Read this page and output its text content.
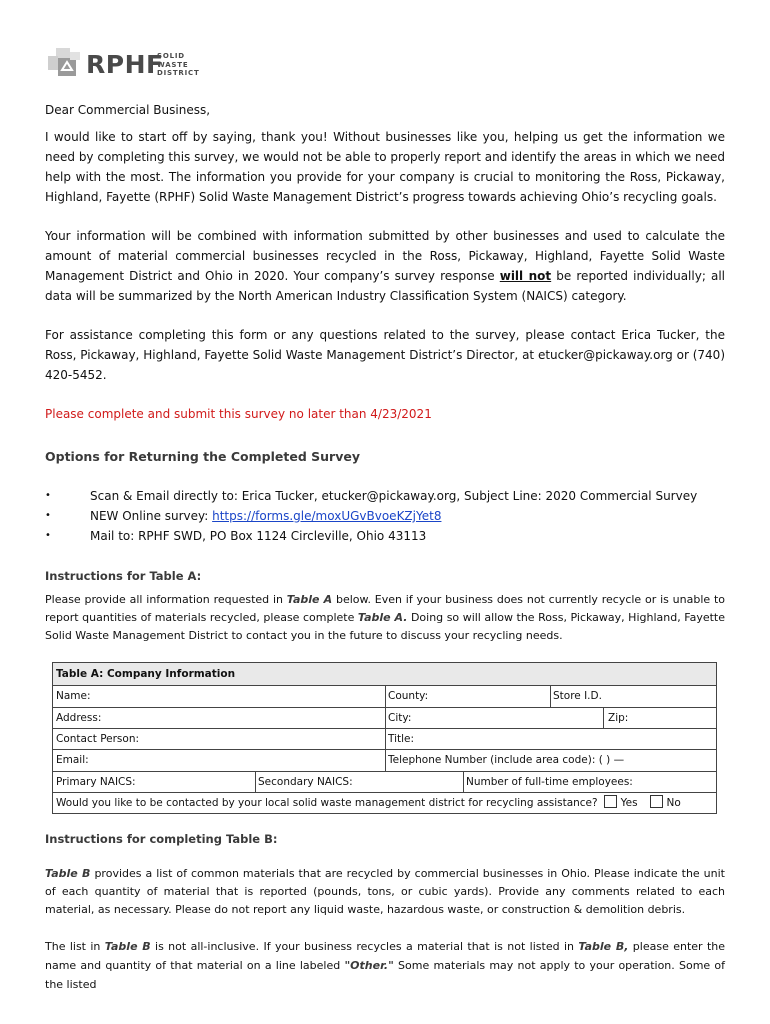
RPHF
SOLID
WASTE
DISTRICT
Dear Commercial Business,
I would like to start off by saying, thank you! Without businesses like you, helping us get the information we need by completing this survey, we would not be able to properly report and identify the areas in which we need help with the most. The information you provide for your company is crucial to monitoring the Ross, Pickaway, Highland, Fayette (RPHF) Solid Waste Management District’s progress towards achieving Ohio’s recycling goals.
Your information will be combined with information submitted by other businesses and used to calculate the amount of material commercial businesses recycled in the Ross, Pickaway, Highland, Fayette Solid Waste Management District and Ohio in 2020. Your company’s survey response will not be reported individually; all data will be summarized by the North American Industry Classification System (NAICS) category.
For assistance completing this form or any questions related to the survey, please contact Erica Tucker, the Ross, Pickaway, Highland, Fayette Solid Waste Management District’s Director, at etucker@pickaway.org or (740) 420-5452.
Please complete and submit this survey no later than 4/23/2021
Options for Returning the Completed Survey
•	Scan & Email directly to: Erica Tucker, etucker@pickaway.org, Subject Line: 2020 Commercial Survey
•	NEW Online survey: https://forms.gle/moxUGvBvoeKZjYet8
•	Mail to: RPHF SWD, PO Box 1124 Circleville, Ohio 43113
Instructions for Table A:
Please provide all information requested in Table A below. Even if your business does not currently recycle or is unable to report quantities of materials recycled, please complete Table A. Doing so will allow the Ross, Pickaway, Highland, Fayette Solid Waste Management District to contact you in the future to discuss your recycling needs.
Table A: Company Information
Name:	County:	Store I.D.
Address:	City:	Zip:
Contact Person:	Title:
Email:	Telephone Number (include area code): ( ) —
Primary NAICS:	Secondary NAICS:	Number of full-time employees:
Would you like to be contacted by your local solid waste management district for recycling assistance? Yes	No
Instructions for completing Table B:
Table B provides a list of common materials that are recycled by commercial businesses in Ohio. Please indicate the unit of each quantity of material that is reported (pounds, tons, or cubic yards). Provide any comments related to each material, as necessary. Please do not report any liquid waste, hazardous waste, or construction & demolition debris.
The list in Table B is not all-inclusive. If your business recycles a material that is not listed in Table B, please enter the name and quantity of that material on a line labeled "Other." Some materials may not apply to your operation. Some of the listed
